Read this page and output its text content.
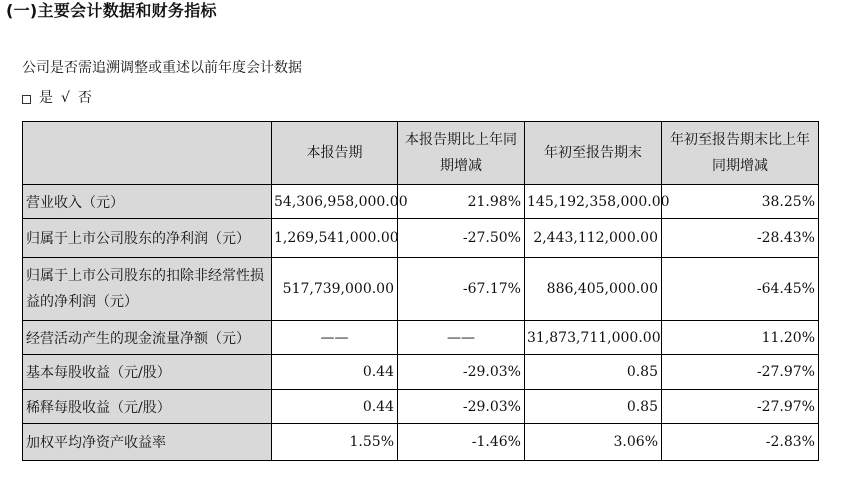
(一)主要会计数据和财务指标
公司是否需追溯调整或重述以前年度会计数据
是 √ 否
	本报告期	本报告期比上年同期增减	年初至报告期末	年初至报告期末比上年同期增减
营业收入（元）	54,306,958,000.00	21.98%	145,192,358,000.00	38.25%
归属于上市公司股东的净利润（元）	1,269,541,000.00	-27.50%	2,443,112,000.00	-28.43%
归属于上市公司股东的扣除非经常性损益的净利润（元）	517,739,000.00	-67.17%	886,405,000.00	-64.45%
经营活动产生的现金流量净额（元）	——	——	31,873,711,000.00	11.20%
基本每股收益（元/股）	0.44	-29.03%	0.85	-27.97%
稀释每股收益（元/股）	0.44	-29.03%	0.85	-27.97%
加权平均净资产收益率	1.55%	-1.46%	3.06%	-2.83%
